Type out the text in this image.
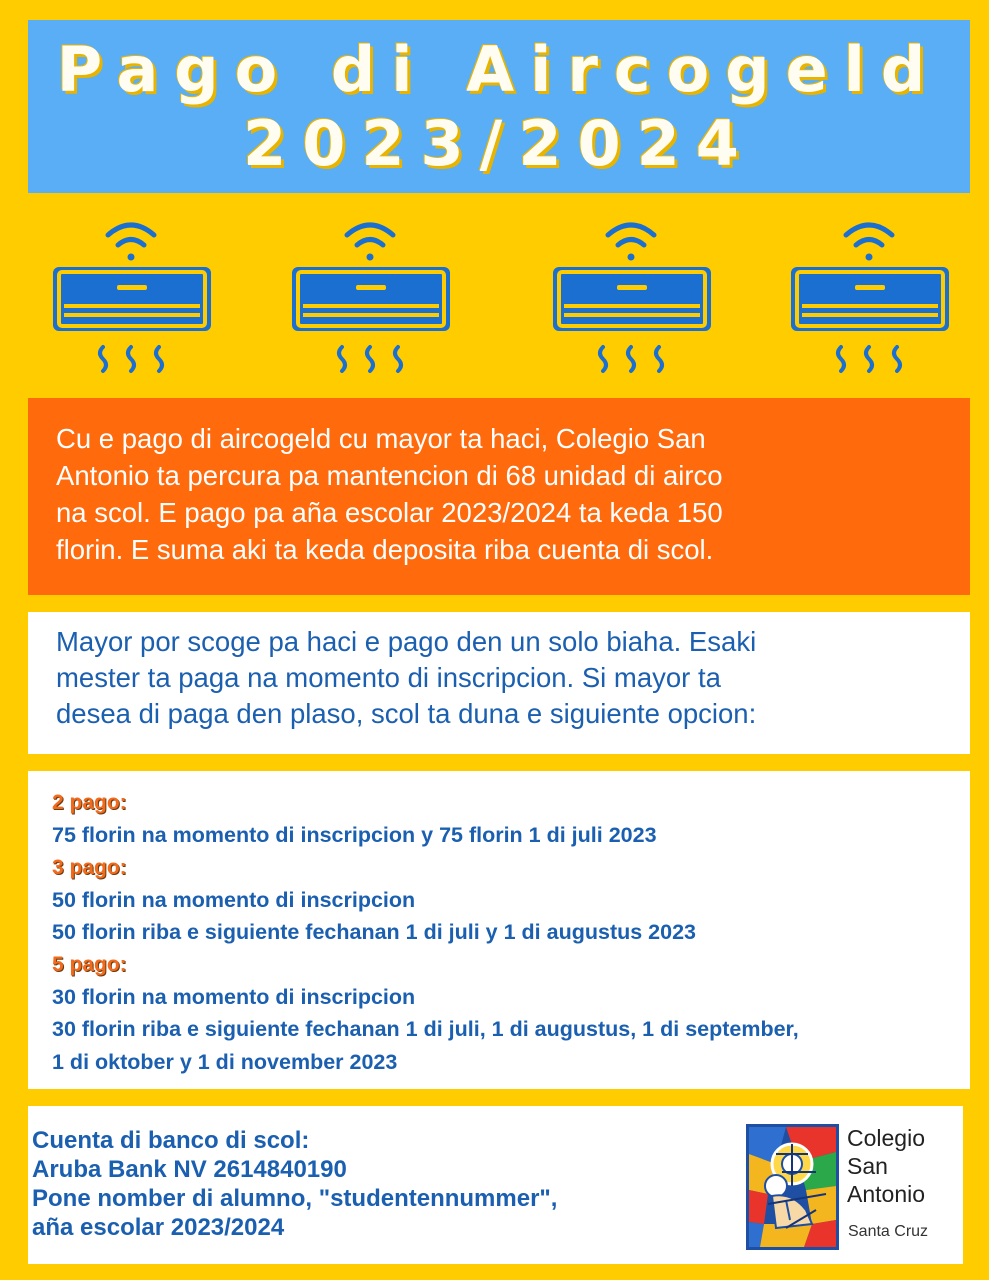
Pago di Aircogeld
2023/2024
Cu e pago di aircogeld cu mayor ta haci, Colegio San
Antonio ta percura pa mantencion di 68 unidad di airco
na scol. E pago pa aña escolar 2023/2024 ta keda 150
florin. E suma aki ta keda deposita riba cuenta di scol.
Mayor por scoge pa haci e pago den un solo biaha. Esaki
mester ta paga na momento di inscripcion. Si mayor ta
desea di paga den plaso, scol ta duna e siguiente opcion:
2 pago:
75 florin na momento di inscripcion y 75 florin 1 di juli 2023
3 pago:
50 florin na momento di inscripcion
50 florin riba e siguiente fechanan 1 di juli y 1 di augustus 2023
5 pago:
30 florin na momento di inscripcion
30 florin riba e siguiente fechanan 1 di juli, 1 di augustus, 1 di september,
1 di oktober y 1 di november 2023
Cuenta di banco di scol:
Aruba Bank NV 2614840190
Pone nomber di alumno, "studentennummer",
aña escolar 2023/2024
Colegio
San
Antonio
Santa Cruz
